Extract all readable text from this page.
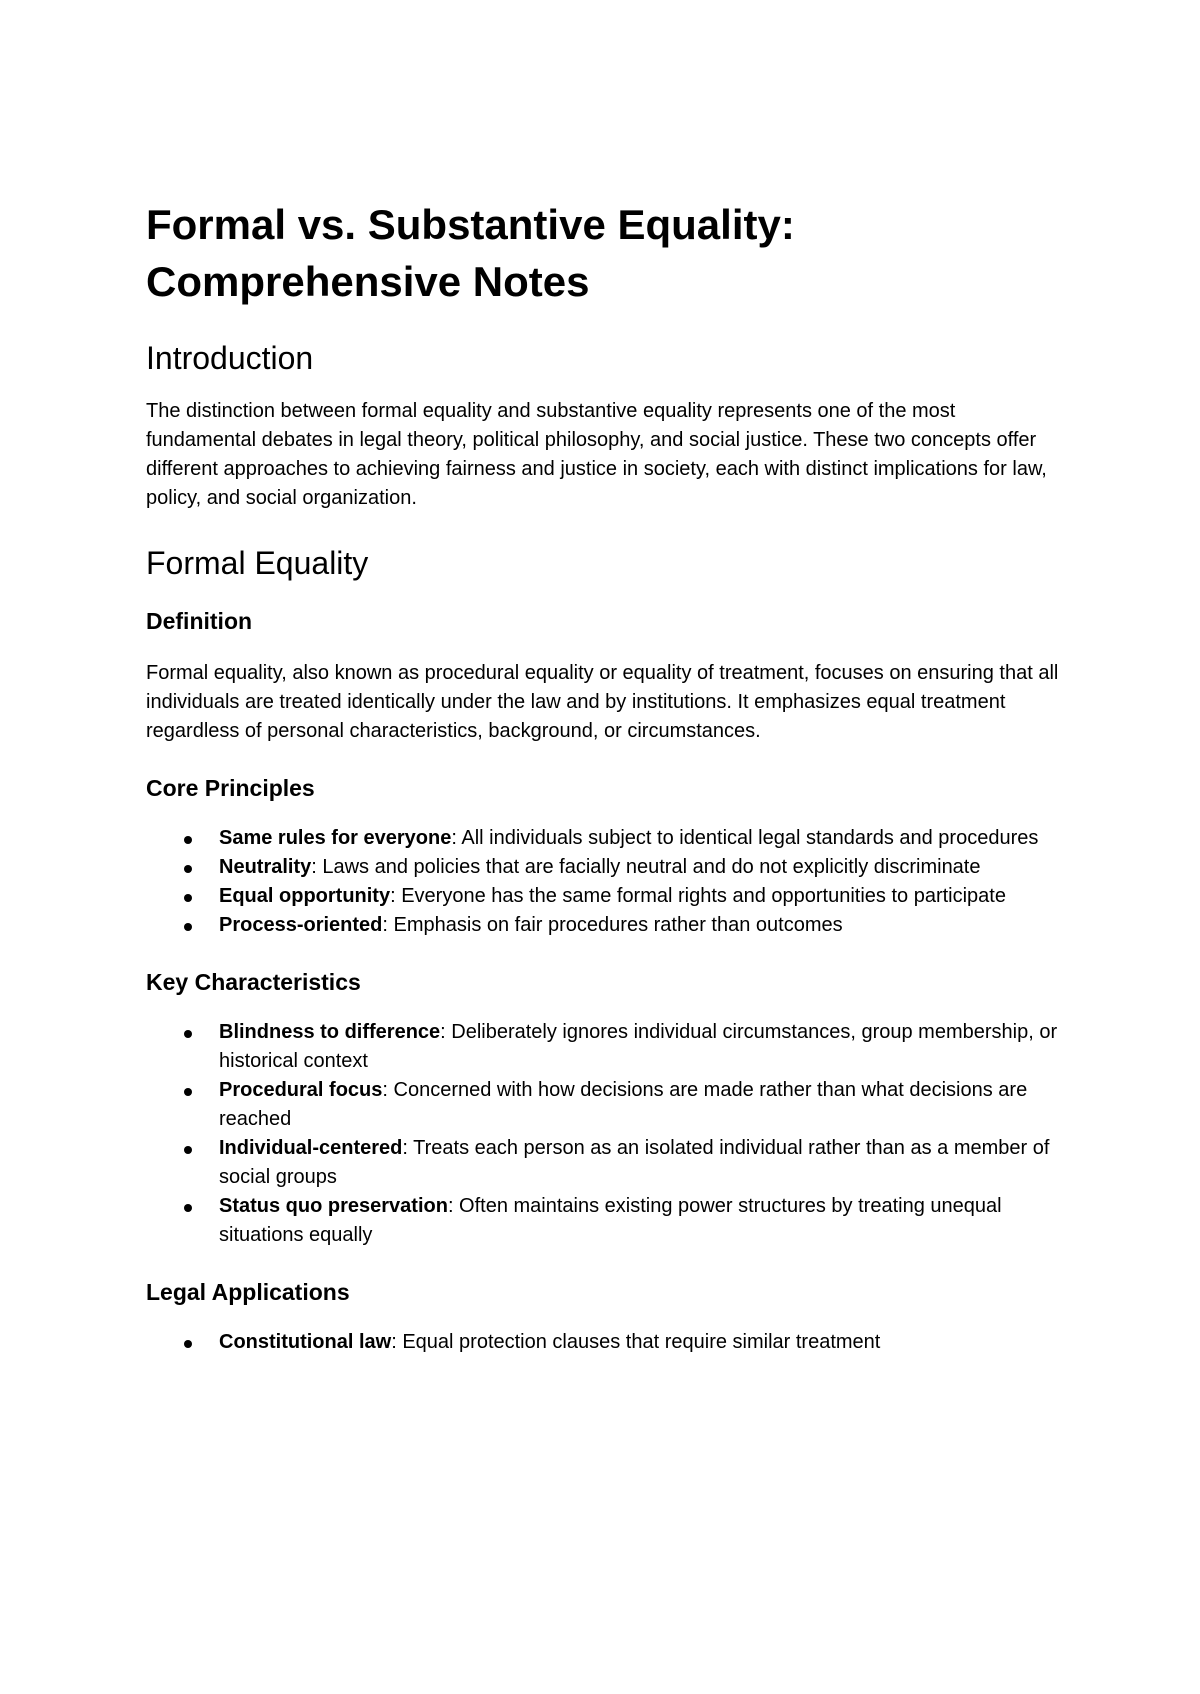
Formal vs. Substantive Equality:
Comprehensive Notes
Introduction

The distinction between formal equality and substantive equality represents one of the most fundamental debates in legal theory, political philosophy, and social justice. These two concepts offer different approaches to achieving fairness and justice in society, each with distinct implications for law, policy, and social organization.

Formal Equality
Definition

Formal equality, also known as procedural equality or equality of treatment, focuses on ensuring that all individuals are treated identically under the law and by institutions. It emphasizes equal treatment regardless of personal characteristics, background, or circumstances.

Core Principles
Same rules for everyone: All individuals subject to identical legal standards and procedures
Neutrality: Laws and policies that are facially neutral and do not explicitly discriminate
Equal opportunity: Everyone has the same formal rights and opportunities to participate
Process-oriented: Emphasis on fair procedures rather than outcomes
Key Characteristics
Blindness to difference: Deliberately ignores individual circumstances, group membership, or historical context
Procedural focus: Concerned with how decisions are made rather than what decisions are reached
Individual-centered: Treats each person as an isolated individual rather than as a member of social groups
Status quo preservation: Often maintains existing power structures by treating unequal situations equally
Legal Applications
Constitutional law: Equal protection clauses that require similar treatment
